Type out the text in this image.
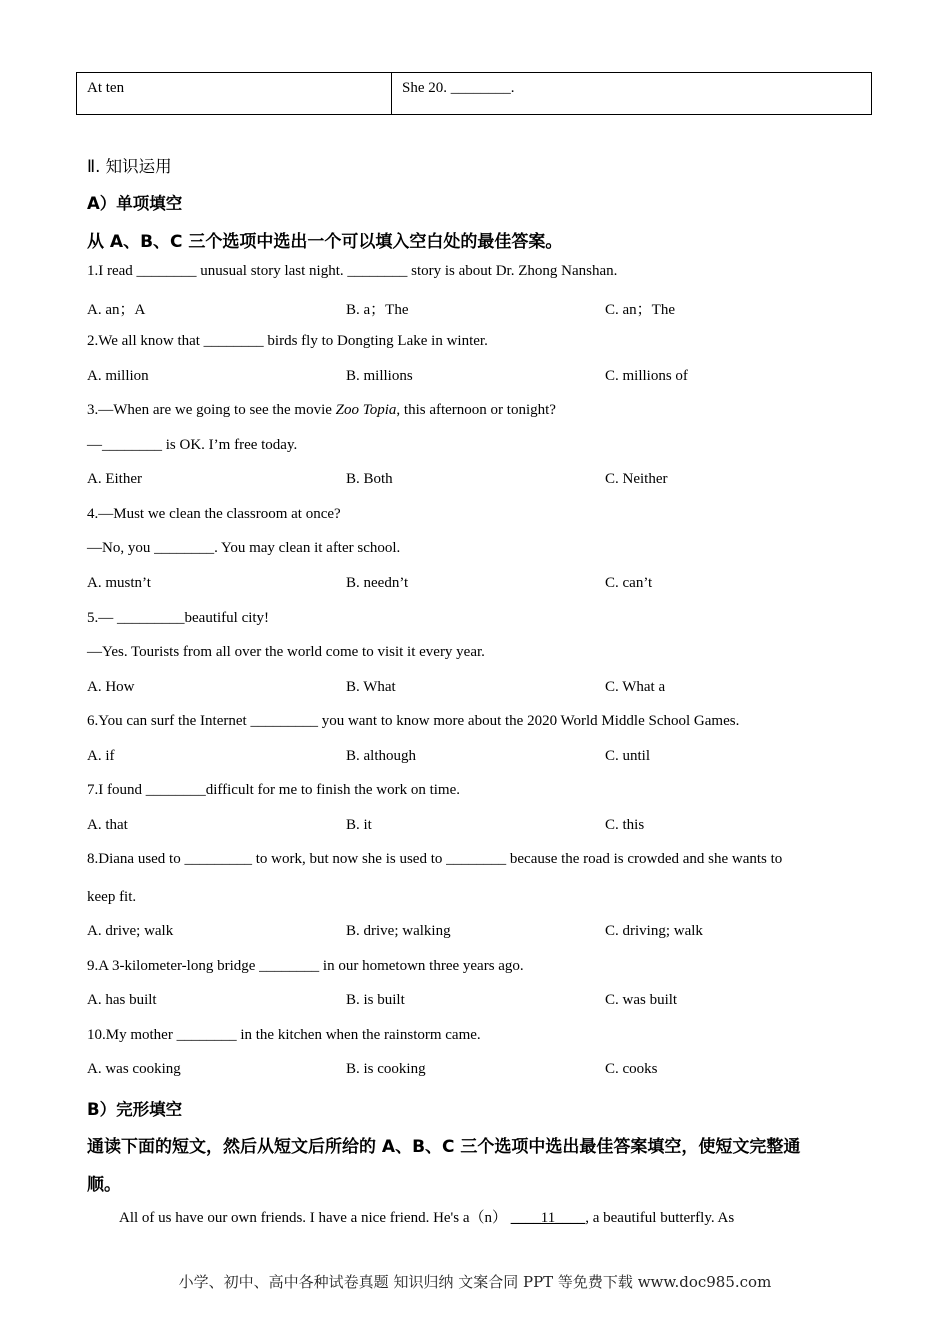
At ten	She 20. ________.
Ⅱ. 知识运用
A）单项填空
从 A、B、C 三个选项中选出一个可以填入空白处的最佳答案。
1.I read ________ unusual story last night. ________ story is about Dr. Zhong Nanshan.
A. an；A	B. a；The	C. an；The
2.We all know that ________ birds fly to Dongting Lake in winter.
A. million	B. millions	C. millions of
3.—When are we going to see the movie Zoo Topia, this afternoon or tonight?
—________ is OK. I’m free today.
A. Either	B. Both	C. Neither
4.—Must we clean the classroom at once?
—No, you ________. You may clean it after school.
A. mustn’t	B. needn’t	C. can’t
5.— _________beautiful city!
—Yes. Tourists from all over the world come to visit it every year.
A. How	B. What	C. What a
6.You can surf the Internet _________ you want to know more about the 2020 World Middle School Games.
A. if	B. although	C. until
7.I found ________difficult for me to finish the work on time.
A. that	B. it	C. this
8.Diana used to _________ to work, but now she is used to ________ because the road is crowded and she wants to
keep fit.
A. drive; walk	B. drive; walking	C. driving; walk
9.A 3-kilometer-long bridge ________ in our hometown three years ago.
A. has built	B. is built	C. was built
10.My mother ________ in the kitchen when the rainstorm came.
A. was cooking	B. is cooking	C. cooks
B）完形填空
通读下面的短文，然后从短文后所给的 A、B、C 三个选项中选出最佳答案填空，使短文完整通
顺。
All of us have our own friends. I have a nice friend. He's a（n） ____11____, a beautiful butterfly. As
小学、初中、高中各种试卷真题 知识归纳 文案合同 PPT 等免费下载 www.doc985.com
